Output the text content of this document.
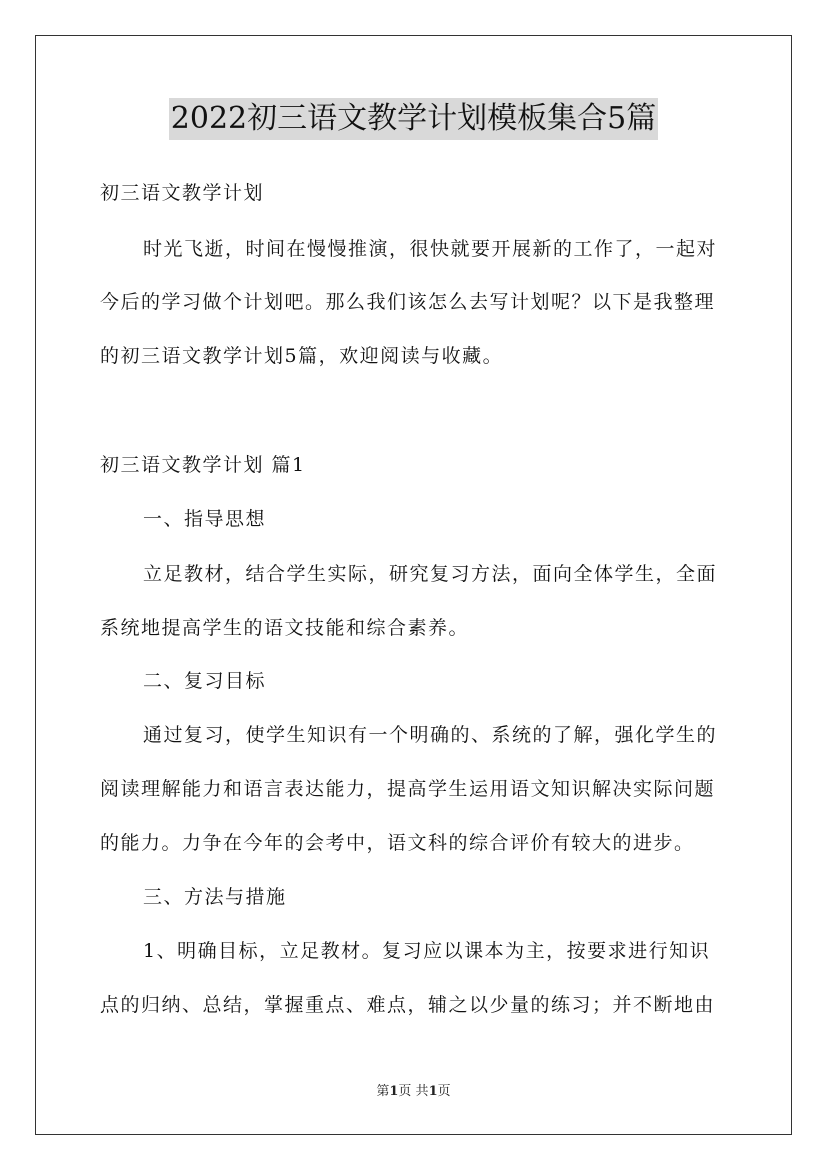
2022初三语文教学计划模板集合5篇
初三语文教学计划
时光飞逝，时间在慢慢推演，很快就要开展新的工作了，一起对
今后的学习做个计划吧。那么我们该怎么去写计划呢？以下是我整理
的初三语文教学计划5篇，欢迎阅读与收藏。
初三语文教学计划 篇1
一、指导思想
立足教材，结合学生实际，研究复习方法，面向全体学生，全面
系统地提高学生的语文技能和综合素养。
二、复习目标
通过复习，使学生知识有一个明确的、系统的了解，强化学生的
阅读理解能力和语言表达能力，提高学生运用语文知识解决实际问题
的能力。力争在今年的会考中，语文科的综合评价有较大的进步。
三、方法与措施
1、明确目标，立足教材。复习应以课本为主，按要求进行知识
点的归纳、总结，掌握重点、难点，辅之以少量的练习；并不断地由
第1页 共1页
